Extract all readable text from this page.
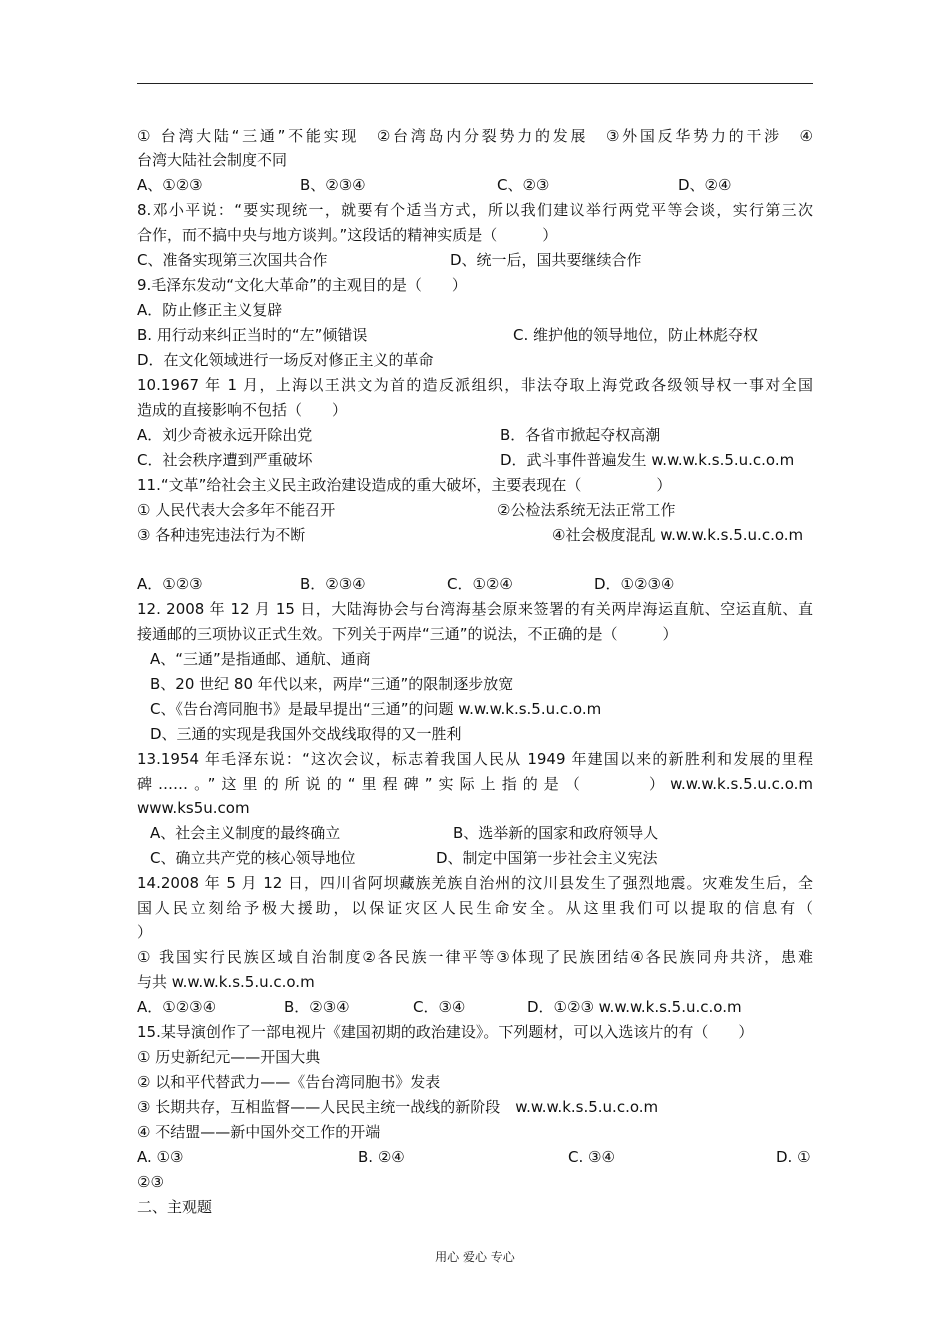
① 台湾大陆“三通”不能实现　②台湾岛内分裂势力的发展　③外国反华势力的干涉　④
台湾大陆社会制度不同
A、①②③	B、②③④	C、②③	D、②④
8.邓小平说：“要实现统一，就要有个适当方式，所以我们建议举行两党平等会谈，实行第三次
合作，而不搞中央与地方谈判。”这段话的精神实质是（　　　）
C、准备实现第三次国共合作	D、统一后，国共要继续合作
9.毛泽东发动“文化大革命”的主观目的是（　　）
A．防止修正主义复辟
B. 用行动来纠正当时的“左”倾错误	C. 维护他的领导地位，防止林彪夺权
D．在文化领域进行一场反对修正主义的革命
10.1967 年 1 月，上海以王洪文为首的造反派组织，非法夺取上海党政各级领导权一事对全国
造成的直接影响不包括（　　）
A．刘少奇被永远开除出党	B．各省市掀起夺权高潮
C．社会秩序遭到严重破坏	D．武斗事件普遍发生 w.w.w.k.s.5.u.c.o.m
11.“文革”给社会主义民主政治建设造成的重大破坏，主要表现在（　　　　　）
① 人民代表大会多年不能召开	②公检法系统无法正常工作
③ 各种违宪违法行为不断	④社会极度混乱 w.w.w.k.s.5.u.c.o.m
A．①②③	B．②③④	C．①②④	D．①②③④
12. 2008 年 12 月 15 日，大陆海协会与台湾海基会原来签署的有关两岸海运直航、空运直航、直
接通邮的三项协议正式生效。下列关于两岸“三通”的说法，不正确的是（　　　）
A、“三通”是指通邮、通航、通商
B、20 世纪 80 年代以来，两岸“三通”的限制逐步放宽
C、《告台湾同胞书》是最早提出“三通”的问题 w.w.w.k.s.5.u.c.o.m
D、三通的实现是我国外交战线取得的又一胜利
13.1954 年毛泽东说：“这次会议，标志着我国人民从 1949 年建国以来的新胜利和发展的里程
碑……。”这里的所说的“里程碑”实际上指的是（　　　）w.w.w.k.s.5.u.c.o.m
www.ks5u.com
A、社会主义制度的最终确立	B、选举新的国家和政府领导人
C、确立共产党的核心领导地位	D、制定中国第一步社会主义宪法
14.2008 年 5 月 12 日，四川省阿坝藏族羌族自治州的汶川县发生了强烈地震。灾难发生后，全
国人民立刻给予极大援助，以保证灾区人民生命安全。从这里我们可以提取的信息有（
）
① 我国实行民族区域自治制度②各民族一律平等③体现了民族团结④各民族同舟共济，患难
与共 w.w.w.k.s.5.u.c.o.m
A．①②③④	B．②③④	C．③④	D．①②③ w.w.w.k.s.5.u.c.o.m
15.某导演创作了一部电视片《建国初期的政治建设》。下列题材，可以入选该片的有（　　）
① 历史新纪元——开国大典
② 以和平代替武力——《告台湾同胞书》发表
③ 长期共存，互相监督——人民民主统一战线的新阶段　w.w.w.k.s.5.u.c.o.m
④ 不结盟——新中国外交工作的开端
A. ①③	B. ②④	C. ③④	D. ①
②③
二、主观题
用心 爱心 专心
